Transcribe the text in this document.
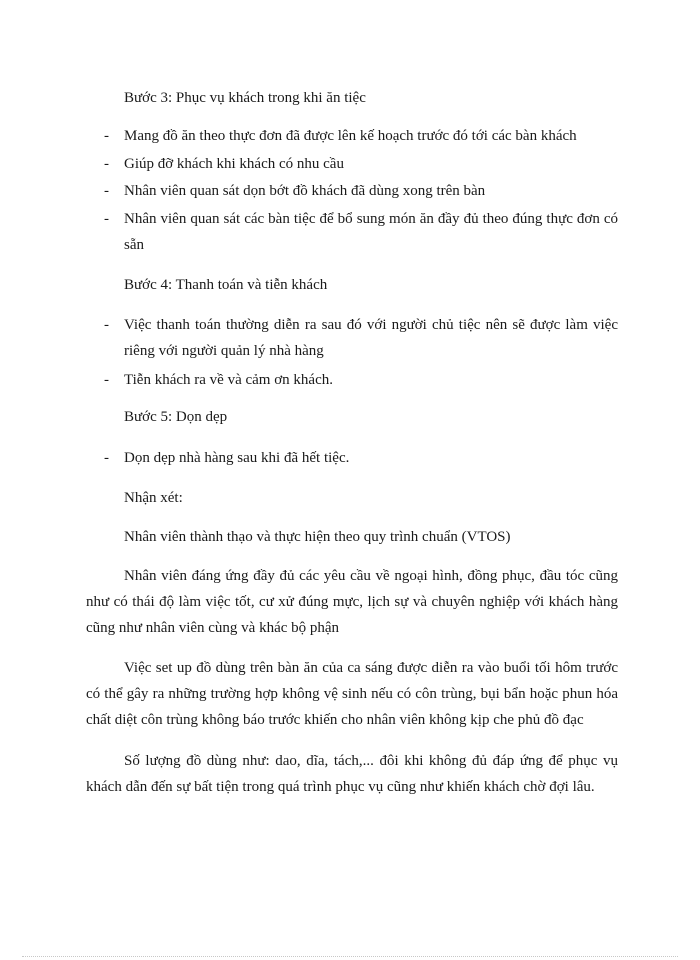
Bước 3: Phục vụ khách trong khi ăn tiệc
- Mang đồ ăn theo thực đơn đã được lên kế hoạch trước đó tới các bàn khách
- Giúp đỡ khách khi khách có nhu cầu
- Nhân viên quan sát dọn bớt đồ khách đã dùng xong trên bàn
- Nhân viên quan sát các bàn tiệc để bổ sung món ăn đầy đủ theo đúng thực đơn có sẵn
Bước 4: Thanh toán và tiễn khách
- Việc thanh toán thường diễn ra sau đó với người chủ tiệc nên sẽ được làm việc riêng với người quản lý nhà hàng
- Tiễn khách ra về và cảm ơn khách.
Bước 5: Dọn dẹp
- Dọn dẹp nhà hàng sau khi đã hết tiệc.
Nhận xét:
Nhân viên thành thạo và thực hiện theo quy trình chuẩn (VTOS)
Nhân viên đáng ứng đầy đủ các yêu cầu về ngoại hình, đồng phục, đầu tóc cũng như có thái độ làm việc tốt, cư xử đúng mực, lịch sự và chuyên nghiệp với khách hàng cũng như nhân viên cùng và khác bộ phận
Việc set up đồ dùng trên bàn ăn của ca sáng được diễn ra vào buổi tối hôm trước có thể gây ra những trường hợp không vệ sinh nếu có côn trùng, bụi bẩn hoặc phun hóa chất diệt côn trùng không báo trước khiến cho nhân viên không kịp che phủ đồ đạc
Số lượng đồ dùng như: dao, dĩa, tách,... đôi khi không đủ đáp ứng để phục vụ khách dẫn đến sự bất tiện trong quá trình phục vụ cũng như khiến khách chờ đợi lâu.
